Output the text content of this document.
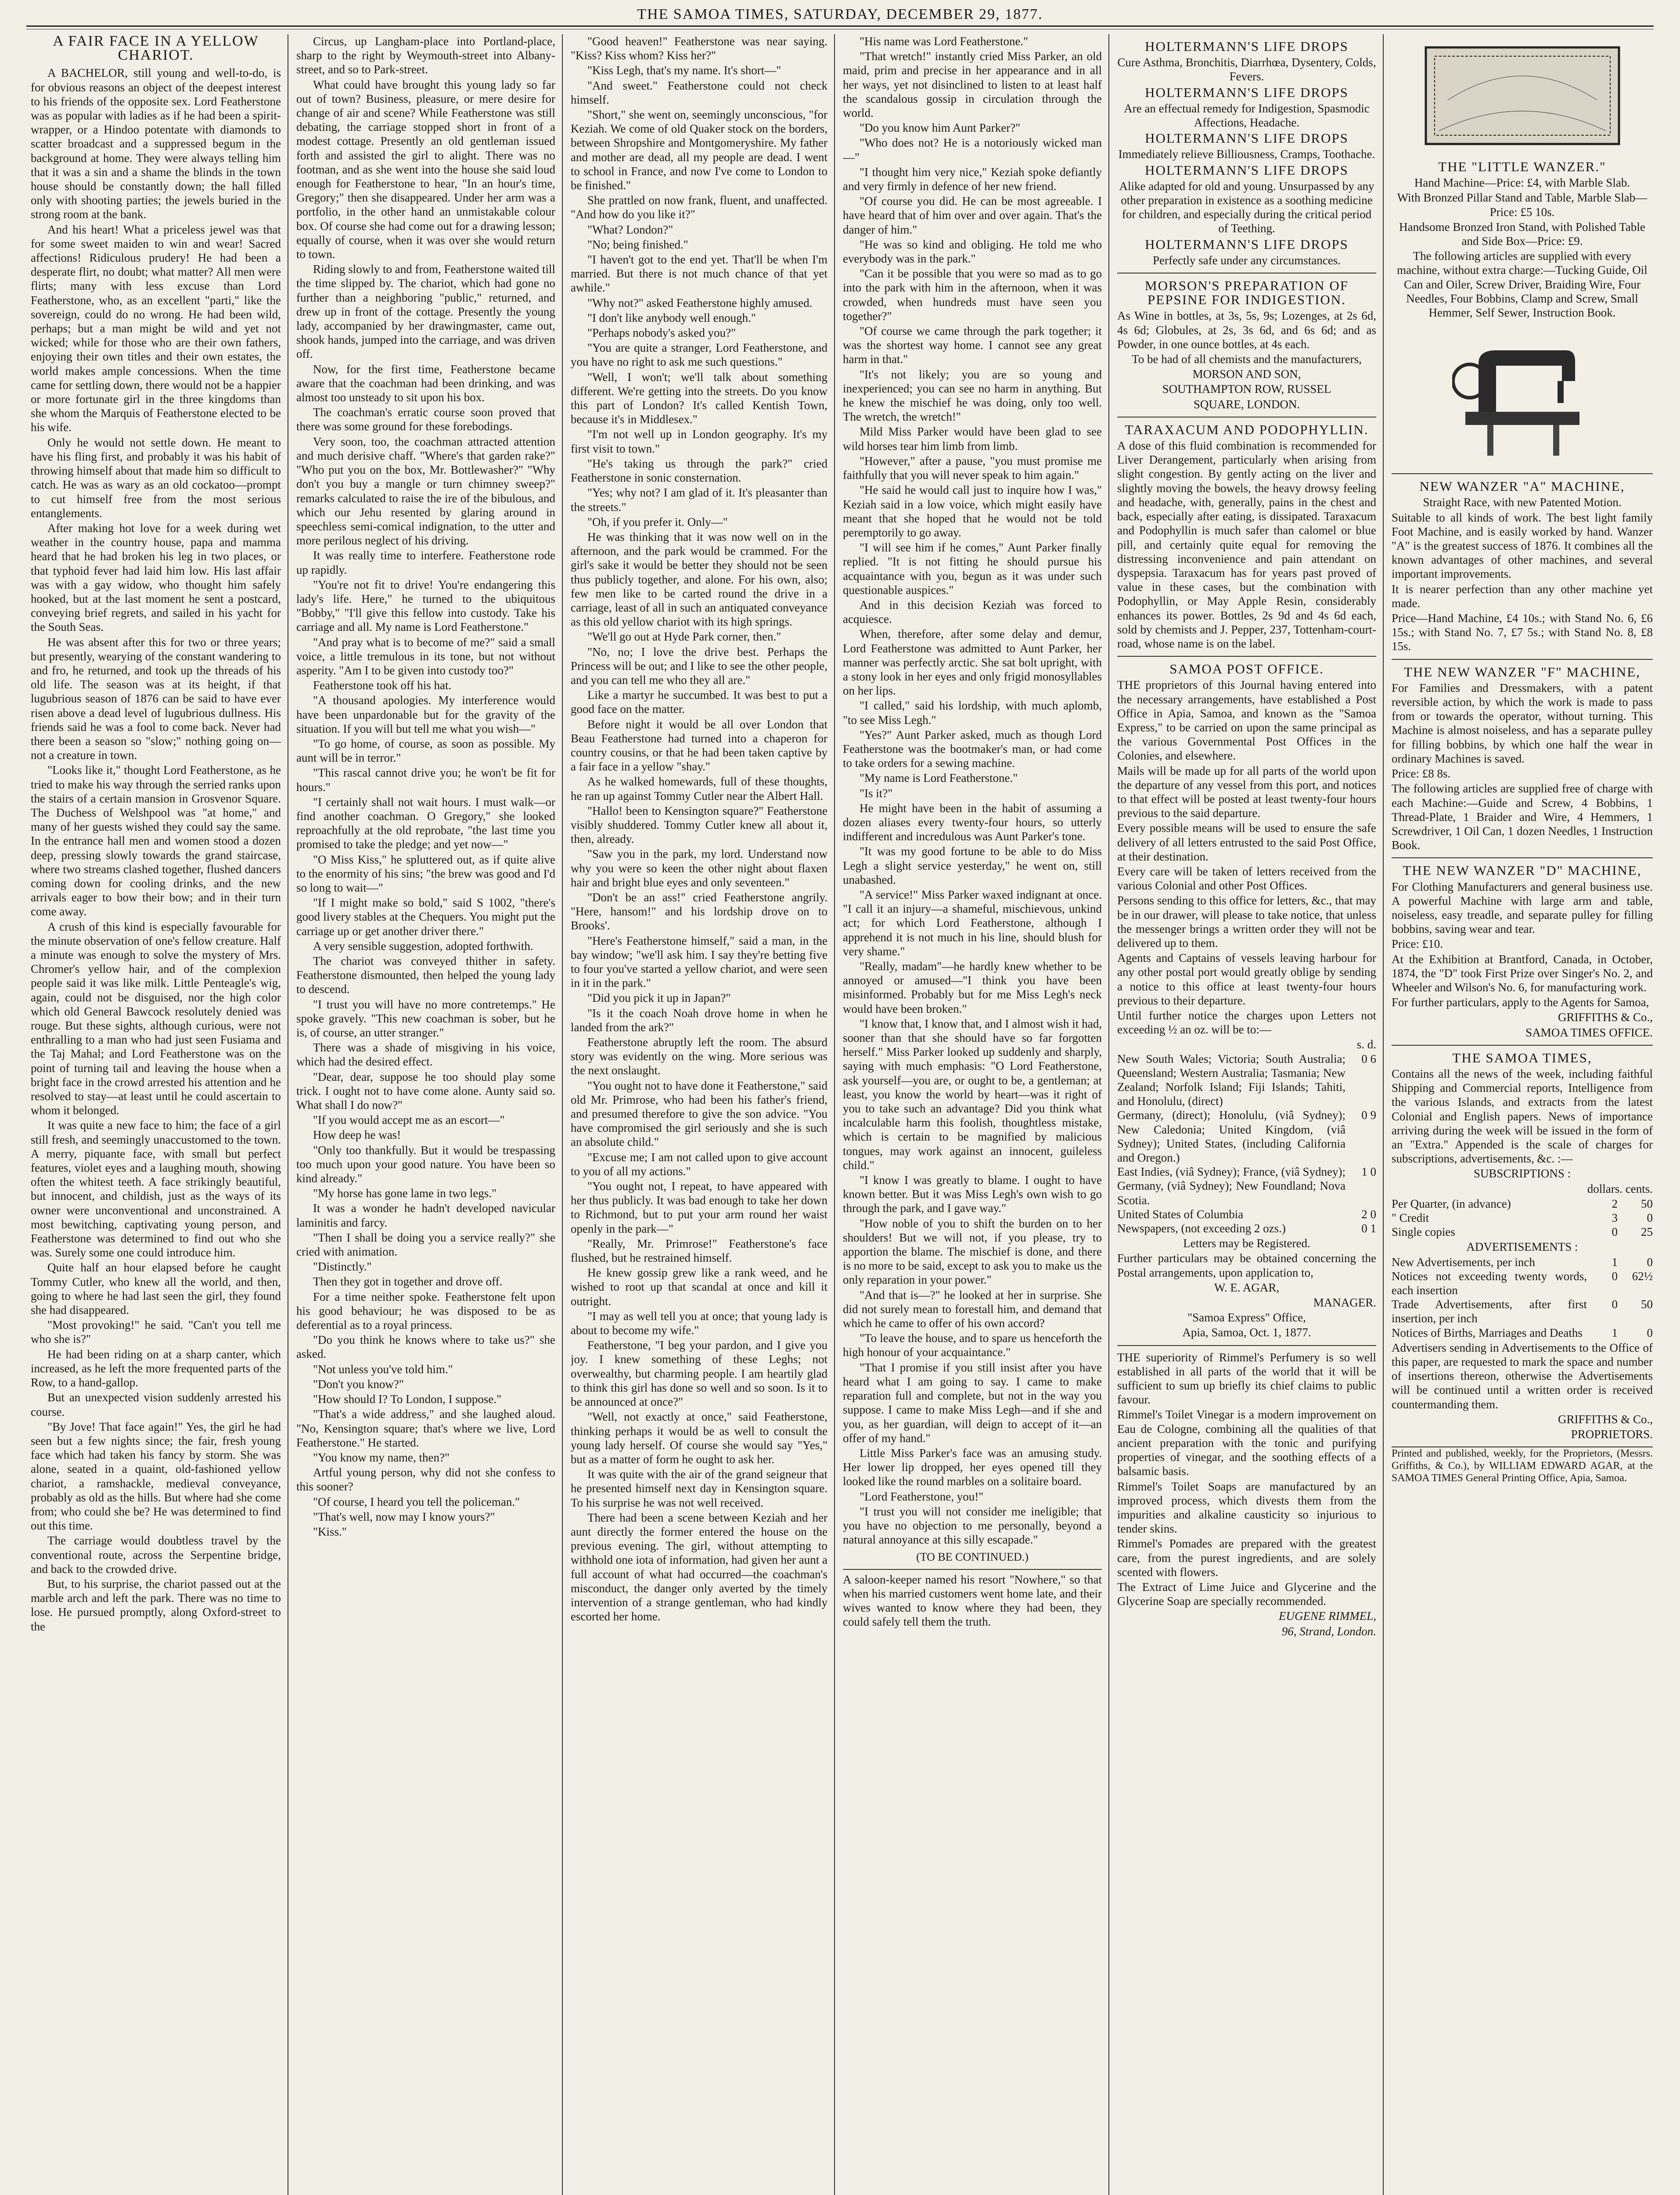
THE SAMOA TIMES, SATURDAY, DECEMBER 29, 1877.
A FAIR FACE IN A YELLOW CHARIOT.

A BACHELOR, still young and well-to-do, is for obvious reasons an object of the deepest interest to his friends of the opposite sex. Lord Featherstone was as popular with ladies as if he had been a spirit-wrapper, or a Hindoo potentate with diamonds to scatter broadcast and a suppressed begum in the background at home. They were always telling him that it was a sin and a shame the blinds in the town house should be constantly down; the hall filled only with shooting parties; the jewels buried in the strong room at the bank.

And his heart! What a priceless jewel was that for some sweet maiden to win and wear! Sacred affections! Ridiculous prudery! He had been a desperate flirt, no doubt; what matter? All men were flirts; many with less excuse than Lord Featherstone, who, as an excellent "parti," like the sovereign, could do no wrong. He had been wild, perhaps; but a man might be wild and yet not wicked; while for those who are their own fathers, enjoying their own titles and their own estates, the world makes ample concessions. When the time came for settling down, there would not be a happier or more fortunate girl in the three kingdoms than she whom the Marquis of Featherstone elected to be his wife.

Only he would not settle down. He meant to have his fling first, and probably it was his habit of throwing himself about that made him so difficult to catch. He was as wary as an old cockatoo—prompt to cut himself free from the most serious entanglements.

After making hot love for a week during wet weather in the country house, papa and mamma heard that he had broken his leg in two places, or that typhoid fever had laid him low. His last affair was with a gay widow, who thought him safely hooked, but at the last moment he sent a postcard, conveying brief regrets, and sailed in his yacht for the South Seas.

He was absent after this for two or three years; but presently, wearying of the constant wandering to and fro, he returned, and took up the threads of his old life. The season was at its height, if that lugubrious season of 1876 can be said to have ever risen above a dead level of lugubrious dullness. His friends said he was a fool to come back. Never had there been a season so "slow;" nothing going on—not a creature in town.

"Looks like it," thought Lord Featherstone, as he tried to make his way through the serried ranks upon the stairs of a certain mansion in Grosvenor Square. The Duchess of Welshpool was "at home," and many of her guests wished they could say the same. In the entrance hall men and women stood a dozen deep, pressing slowly towards the grand staircase, where two streams clashed together, flushed dancers coming down for cooling drinks, and the new arrivals eager to bow their bow; and in their turn come away.

A crush of this kind is especially favourable for the minute observation of one's fellow creature. Half a minute was enough to solve the mystery of Mrs. Chromer's yellow hair, and of the complexion people said it was like milk. Little Penteagle's wig, again, could not be disguised, nor the high color which old General Bawcock resolutely denied was rouge. But these sights, although curious, were not enthralling to a man who had just seen Fusiama and the Taj Mahal; and Lord Featherstone was on the point of turning tail and leaving the house when a bright face in the crowd arrested his attention and he resolved to stay—at least until he could ascertain to whom it belonged.

It was quite a new face to him; the face of a girl still fresh, and seemingly unaccustomed to the town. A merry, piquante face, with small but perfect features, violet eyes and a laughing mouth, showing often the whitest teeth. A face strikingly beautiful, but innocent, and childish, just as the ways of its owner were unconventional and unconstrained. A most bewitching, captivating young person, and Featherstone was determined to find out who she was. Surely some one could introduce him.

Quite half an hour elapsed before he caught Tommy Cutler, who knew all the world, and then, going to where he had last seen the girl, they found she had disappeared.

"Most provoking!" he said. "Can't you tell me who she is?"

He had been riding on at a sharp canter, which increased, as he left the more frequented parts of the Row, to a hand-gallop.

But an unexpected vision suddenly arrested his course.

"By Jove! That face again!" Yes, the girl he had seen but a few nights since; the fair, fresh young face which had taken his fancy by storm. She was alone, seated in a quaint, old-fashioned yellow chariot, a ramshackle, medieval conveyance, probably as old as the hills. But where had she come from; who could she be? He was determined to find out this time.

The carriage would doubtless travel by the conventional route, across the Serpentine bridge, and back to the crowded drive.

But, to his surprise, the chariot passed out at the marble arch and left the park. There was no time to lose. He pursued promptly, along Oxford-street to the

Circus, up Langham-place into Portland-place, sharp to the right by Weymouth-street into Albany-street, and so to Park-street.

What could have brought this young lady so far out of town? Business, pleasure, or mere desire for change of air and scene? While Featherstone was still debating, the carriage stopped short in front of a modest cottage. Presently an old gentleman issued forth and assisted the girl to alight. There was no footman, and as she went into the house she said loud enough for Featherstone to hear, "In an hour's time, Gregory;" then she disappeared. Under her arm was a portfolio, in the other hand an unmistakable colour box. Of course she had come out for a drawing lesson; equally of course, when it was over she would return to town.

Riding slowly to and from, Featherstone waited till the time slipped by. The chariot, which had gone no further than a neighboring "public," returned, and drew up in front of the cottage. Presently the young lady, accompanied by her drawingmaster, came out, shook hands, jumped into the carriage, and was driven off.

Now, for the first time, Featherstone became aware that the coachman had been drinking, and was almost too unsteady to sit upon his box.

The coachman's erratic course soon proved that there was some ground for these forebodings.

Very soon, too, the coachman attracted attention and much derisive chaff. "Where's that garden rake?" "Who put you on the box, Mr. Bottlewasher?" "Why don't you buy a mangle or turn chimney sweep?" remarks calculated to raise the ire of the bibulous, and which our Jehu resented by glaring around in speechless semi-comical indignation, to the utter and more perilous neglect of his driving.

It was really time to interfere. Featherstone rode up rapidly.

"You're not fit to drive! You're endangering this lady's life. Here," he turned to the ubiquitous "Bobby," "I'll give this fellow into custody. Take his carriage and all. My name is Lord Featherstone."

"And pray what is to become of me?" said a small voice, a little tremulous in its tone, but not without asperity. "Am I to be given into custody too?"

Featherstone took off his hat.

"A thousand apologies. My interference would have been unpardonable but for the gravity of the situation. If you will but tell me what you wish—"

"To go home, of course, as soon as possible. My aunt will be in terror."

"This rascal cannot drive you; he won't be fit for hours."

"I certainly shall not wait hours. I must walk—or find another coachman. O Gregory," she looked reproachfully at the old reprobate, "the last time you promised to take the pledge; and yet now—"

"O Miss Kiss," he spluttered out, as if quite alive to the enormity of his sins; "the brew was good and I'd so long to wait—"

"If I might make so bold," said S 1002, "there's good livery stables at the Chequers. You might put the carriage up or get another driver there."

A very sensible suggestion, adopted forthwith.

The chariot was conveyed thither in safety. Featherstone dismounted, then helped the young lady to descend.

"I trust you will have no more contretemps." He spoke gravely. "This new coachman is sober, but he is, of course, an utter stranger."

There was a shade of misgiving in his voice, which had the desired effect.

"Dear, dear, suppose he too should play some trick. I ought not to have come alone. Aunty said so. What shall I do now?"

"If you would accept me as an escort—"

How deep he was!

"Only too thankfully. But it would be trespassing too much upon your good nature. You have been so kind already."

"My horse has gone lame in two legs."

It was a wonder he hadn't developed navicular laminitis and farcy.

"Then I shall be doing you a service really?" she cried with animation.

"Distinctly."

Then they got in together and drove off.

For a time neither spoke. Featherstone felt upon his good behaviour; he was disposed to be as deferential as to a royal princess.

"Do you think he knows where to take us?" she asked.

"Not unless you've told him."

"Don't you know?"

"How should I? To London, I suppose."

"That's a wide address," and she laughed aloud. "No, Kensington square; that's where we live, Lord Featherstone." He started.

"You know my name, then?"

Artful young person, why did not she confess to this sooner?

"Of course, I heard you tell the policeman."

"That's well, now may I know yours?"

"Kiss."

"Good heaven!" Featherstone was near saying. "Kiss? Kiss whom? Kiss her?"

"Kiss Legh, that's my name. It's short—"

"And sweet." Featherstone could not check himself.

"Short," she went on, seemingly unconscious, "for Keziah. We come of old Quaker stock on the borders, between Shropshire and Montgomeryshire. My father and mother are dead, all my people are dead. I went to school in France, and now I've come to London to be finished."

She prattled on now frank, fluent, and unaffected. "And how do you like it?"

"What? London?"

"No; being finished."

"I haven't got to the end yet. That'll be when I'm married. But there is not much chance of that yet awhile."

"Why not?" asked Featherstone highly amused.

"I don't like anybody well enough."

"Perhaps nobody's asked you?"

"You are quite a stranger, Lord Featherstone, and you have no right to ask me such questions."

"Well, I won't; we'll talk about something different. We're getting into the streets. Do you know this part of London? It's called Kentish Town, because it's in Middlesex."

"I'm not well up in London geography. It's my first visit to town."

"He's taking us through the park?" cried Featherstone in sonic consternation.

"Yes; why not? I am glad of it. It's pleasanter than the streets."

"Oh, if you prefer it. Only—"

He was thinking that it was now well on in the afternoon, and the park would be crammed. For the girl's sake it would be better they should not be seen thus publicly together, and alone. For his own, also; few men like to be carted round the drive in a carriage, least of all in such an antiquated conveyance as this old yellow chariot with its high springs.

"We'll go out at Hyde Park corner, then."

"No, no; I love the drive best. Perhaps the Princess will be out; and I like to see the other people, and you can tell me who they all are."

Like a martyr he succumbed. It was best to put a good face on the matter.

Before night it would be all over London that Beau Featherstone had turned into a chaperon for country cousins, or that he had been taken captive by a fair face in a yellow "shay."

As he walked homewards, full of these thoughts, he ran up against Tommy Cutler near the Albert Hall.

"Hallo! been to Kensington square?" Featherstone visibly shuddered. Tommy Cutler knew all about it, then, already.

"Saw you in the park, my lord. Understand now why you were so keen the other night about flaxen hair and bright blue eyes and only seventeen."

"Don't be an ass!" cried Featherstone angrily. "Here, hansom!" and his lordship drove on to Brooks'.

"Here's Featherstone himself," said a man, in the bay window; "we'll ask him. I say they're betting five to four you've started a yellow chariot, and were seen in it in the park."

"Did you pick it up in Japan?"

"Is it the coach Noah drove home in when he landed from the ark?"

Featherstone abruptly left the room. The absurd story was evidently on the wing. More serious was the next onslaught.

"You ought not to have done it Featherstone," said old Mr. Primrose, who had been his father's friend, and presumed therefore to give the son advice. "You have compromised the girl seriously and she is such an absolute child."

"Excuse me; I am not called upon to give account to you of all my actions."

"You ought not, I repeat, to have appeared with her thus publicly. It was bad enough to take her down to Richmond, but to put your arm round her waist openly in the park—"

"Really, Mr. Primrose!" Featherstone's face flushed, but he restrained himself.

He knew gossip grew like a rank weed, and he wished to root up that scandal at once and kill it outright.

"I may as well tell you at once; that young lady is about to become my wife."

Featherstone, "I beg your pardon, and I give you joy. I knew something of these Leghs; not overwealthy, but charming people. I am heartily glad to think this girl has done so well and so soon. Is it to be announced at once?"

"Well, not exactly at once," said Featherstone, thinking perhaps it would be as well to consult the young lady herself. Of course she would say "Yes," but as a matter of form he ought to ask her.

It was quite with the air of the grand seigneur that he presented himself next day in Kensington square. To his surprise he was not well received.

There had been a scene between Keziah and her aunt directly the former entered the house on the previous evening. The girl, without attempting to withhold one iota of information, had given her aunt a full account of what had occurred—the coachman's misconduct, the danger only averted by the timely intervention of a strange gentleman, who had kindly escorted her home.

"His name was Lord Featherstone."

"That wretch!" instantly cried Miss Parker, an old maid, prim and precise in her appearance and in all her ways, yet not disinclined to listen to at least half the scandalous gossip in circulation through the world.

"Do you know him Aunt Parker?"

"Who does not? He is a notoriously wicked man—"

"I thought him very nice," Keziah spoke defiantly and very firmly in defence of her new friend.

"Of course you did. He can be most agreeable. I have heard that of him over and over again. That's the danger of him."

"He was so kind and obliging. He told me who everybody was in the park."

"Can it be possible that you were so mad as to go into the park with him in the afternoon, when it was crowded, when hundreds must have seen you together?"

"Of course we came through the park together; it was the shortest way home. I cannot see any great harm in that."

"It's not likely; you are so young and inexperienced; you can see no harm in anything. But he knew the mischief he was doing, only too well. The wretch, the wretch!"

Mild Miss Parker would have been glad to see wild horses tear him limb from limb.

"However," after a pause, "you must promise me faithfully that you will never speak to him again."

"He said he would call just to inquire how I was," Keziah said in a low voice, which might easily have meant that she hoped that he would not be told peremptorily to go away.

"I will see him if he comes," Aunt Parker finally replied. "It is not fitting he should pursue his acquaintance with you, begun as it was under such questionable auspices."

And in this decision Keziah was forced to acquiesce.

When, therefore, after some delay and demur, Lord Featherstone was admitted to Aunt Parker, her manner was perfectly arctic. She sat bolt upright, with a stony look in her eyes and only frigid monosyllables on her lips.

"I called," said his lordship, with much aplomb, "to see Miss Legh."

"Yes?" Aunt Parker asked, much as though Lord Featherstone was the bootmaker's man, or had come to take orders for a sewing machine.

"My name is Lord Featherstone."

"Is it?"

He might have been in the habit of assuming a dozen aliases every twenty-four hours, so utterly indifferent and incredulous was Aunt Parker's tone.

"It was my good fortune to be able to do Miss Legh a slight service yesterday," he went on, still unabashed.

"A service!" Miss Parker waxed indignant at once. "I call it an injury—a shameful, mischievous, unkind act; for which Lord Featherstone, although I apprehend it is not much in his line, should blush for very shame."

"Really, madam"—he hardly knew whether to be annoyed or amused—"I think you have been misinformed. Probably but for me Miss Legh's neck would have been broken."

"I know that, I know that, and I almost wish it had, sooner than that she should have so far forgotten herself." Miss Parker looked up suddenly and sharply, saying with much emphasis: "O Lord Featherstone, ask yourself—you are, or ought to be, a gentleman; at least, you know the world by heart—was it right of you to take such an advantage? Did you think what incalculable harm this foolish, thoughtless mistake, which is certain to be magnified by malicious tongues, may work against an innocent, guileless child."

"I know I was greatly to blame. I ought to have known better. But it was Miss Legh's own wish to go through the park, and I gave way."

"How noble of you to shift the burden on to her shoulders! But we will not, if you please, try to apportion the blame. The mischief is done, and there is no more to be said, except to ask you to make us the only reparation in your power."

"And that is—?" he looked at her in surprise. She did not surely mean to forestall him, and demand that which he came to offer of his own accord?

"To leave the house, and to spare us henceforth the high honour of your acquaintance."

"That I promise if you still insist after you have heard what I am going to say. I came to make reparation full and complete, but not in the way you suppose. I came to make Miss Legh—and if she and you, as her guardian, will deign to accept of it—an offer of my hand."

Little Miss Parker's face was an amusing study. Her lower lip dropped, her eyes opened till they looked like the round marbles on a solitaire board.

"Lord Featherstone, you!"

"I trust you will not consider me ineligible; that you have no objection to me personally, beyond a natural annoyance at this silly escapade."

(TO BE CONTINUED.)

A saloon-keeper named his resort "Nowhere," so that when his married customers went home late, and their wives wanted to know where they had been, they could safely tell them the truth.

HOLTERMANN'S LIFE DROPS

Cure Asthma, Bronchitis, Diarrhœa, Dysentery, Colds, Fevers.

HOLTERMANN'S LIFE DROPS

Are an effectual remedy for Indigestion, Spasmodic Affections, Headache.

HOLTERMANN'S LIFE DROPS

Immediately relieve Billiousness, Cramps, Toothache.

HOLTERMANN'S LIFE DROPS

Alike adapted for old and young. Unsurpassed by any other preparation in existence as a soothing medicine for children, and especially during the critical period of Teething.

HOLTERMANN'S LIFE DROPS

Perfectly safe under any circumstances.

MORSON'S PREPARATION OF PEPSINE FOR INDIGESTION.

As Wine in bottles, at 3s, 5s, 9s; Lozenges, at 2s 6d, 4s 6d; Globules, at 2s, 3s 6d, and 6s 6d; and as Powder, in one ounce bottles, at 4s each.

To be had of all chemists and the manufacturers,

MORSON AND SON,

SOUTHAMPTON ROW, RUSSEL

SQUARE, LONDON.

TARAXACUM AND PODOPHYLLIN.

A dose of this fluid combination is recommended for Liver Derangement, particularly when arising from slight congestion. By gently acting on the liver and slightly moving the bowels, the heavy drowsy feeling and headache, with, generally, pains in the chest and back, especially after eating, is dissipated. Taraxacum and Podophyllin is much safer than calomel or blue pill, and certainly quite equal for removing the distressing inconvenience and pain attendant on dyspepsia. Taraxacum has for years past proved of value in these cases, but the combination with Podophyllin, or May Apple Resin, considerably enhances its power. Bottles, 2s 9d and 4s 6d each, sold by chemists and J. Pepper, 237, Tottenham-court-road, whose name is on the label.

SAMOA POST OFFICE.

THE proprietors of this Journal having entered into the necessary arrangements, have established a Post Office in Apia, Samoa, and known as the "Samoa Express," to be carried on upon the same principal as the various Governmental Post Offices in the Colonies, and elsewhere.

Mails will be made up for all parts of the world upon the departure of any vessel from this port, and notices to that effect will be posted at least twenty-four hours previous to the said departure.

Every possible means will be used to ensure the safe delivery of all letters entrusted to the said Post Office, at their destination.

Every care will be taken of letters received from the various Colonial and other Post Offices.

Persons sending to this office for letters, &c., that may be in our drawer, will please to take notice, that unless the messenger brings a written order they will not be delivered up to them.

Agents and Captains of vessels leaving harbour for any other postal port would greatly oblige by sending a notice to this office at least twenty-four hours previous to their departure.

Until further notice the charges upon Letters not exceeding ½ an oz. will be to:—

s. d.
New South Wales; Victoria; South Australia; Queensland; Western Australia; Tasmania; New Zealand; Norfolk Island; Fiji Islands; Tahiti, and Honolulu, (direct)
0 6
Germany, (direct); Honolulu, (viâ Sydney); New Caledonia; United Kingdom, (viâ Sydney); United States, (including California and Oregon.)
0 9
East Indies, (viâ Sydney); France, (viâ Sydney); Germany, (viâ Sydney); New Foundland; Nova Scotia.
1 0
United States of Columbia	2 0
Newspapers, (not exceeding 2 ozs.)	0 1

Letters may be Registered.

Further particulars may be obtained concerning the Postal arrangements, upon application to,

W. E. AGAR,

MANAGER.

"Samoa Express" Office,

Apia, Samoa, Oct. 1, 1877.

THE superiority of Rimmel's Perfumery is so well established in all parts of the world that it will be sufficient to sum up briefly its chief claims to public favour.

Rimmel's Toilet Vinegar is a modern improvement on Eau de Cologne, combining all the qualities of that ancient preparation with the tonic and purifying properties of vinegar, and the soothing effects of a balsamic basis.

Rimmel's Toilet Soaps are manufactured by an improved process, which divests them from the impurities and alkaline causticity so injurious to tender skins.

Rimmel's Pomades are prepared with the greatest care, from the purest ingredients, and are solely scented with flowers.

The Extract of Lime Juice and Glycerine and the Glycerine Soap are specially recommended.

EUGENE RIMMEL,

96, Strand, London.

THE "LITTLE WANZER."

Hand Machine—Price: £4, with Marble Slab.

With Bronzed Pillar Stand and Table, Marble Slab—Price: £5 10s.

Handsome Bronzed Iron Stand, with Polished Table and Side Box—Price: £9.

The following articles are supplied with every machine, without extra charge:—Tucking Guide, Oil Can and Oiler, Screw Driver, Braiding Wire, Four Needles, Four Bobbins, Clamp and Screw, Small Hemmer, Self Sewer, Instruction Book.

NEW WANZER "A" MACHINE,

Straight Race, with new Patented Motion.

Suitable to all kinds of work. The best light family Foot Machine, and is easily worked by hand. Wanzer "A" is the greatest success of 1876. It combines all the known advantages of other machines, and several important improvements.

It is nearer perfection than any other machine yet made.

Price—Hand Machine, £4 10s.; with Stand No. 6, £6 15s.; with Stand No. 7, £7 5s.; with Stand No. 8, £8 15s.

THE NEW WANZER "F" MACHINE,

For Families and Dressmakers, with a patent reversible action, by which the work is made to pass from or towards the operator, without turning. This Machine is almost noiseless, and has a separate pulley for filling bobbins, by which one half the wear in ordinary Machines is saved.

Price: £8 8s.

The following articles are supplied free of charge with each Machine:—Guide and Screw, 4 Bobbins, 1 Thread-Plate, 1 Braider and Wire, 4 Hemmers, 1 Screwdriver, 1 Oil Can, 1 dozen Needles, 1 Instruction Book.

THE NEW WANZER "D" MACHINE,

For Clothing Manufacturers and general business use. A powerful Machine with large arm and table, noiseless, easy treadle, and separate pulley for filling bobbins, saving wear and tear.

Price: £10.

At the Exhibition at Brantford, Canada, in October, 1874, the "D" took First Prize over Singer's No. 2, and Wheeler and Wilson's No. 6, for manufacturing work.

For further particulars, apply to the Agents for Samoa,

GRIFFITHS & Co.,

SAMOA TIMES OFFICE.

THE SAMOA TIMES,

Contains all the news of the week, including faithful Shipping and Commercial reports, Intelligence from the various Islands, and extracts from the latest Colonial and English papers. News of importance arriving during the week will be issued in the form of an "Extra." Appended is the scale of charges for subscriptions, advertisements, &c. :—

SUBSCRIPTIONS :

dollars. cents.

Per Quarter, (in advance)	2	50
" Credit	3	0
Single copies	0	25

ADVERTISEMENTS :

New Advertisements, per inch	1	0
Notices not exceeding twenty words, each insertion
0	62½
Trade Advertisements, after first insertion, per inch
0	50
Notices of Births, Marriages and Deaths	1	0

Advertisers sending in Advertisements to the Office of this paper, are requested to mark the space and number of insertions thereon, otherwise the Advertisements will be continued until a written order is received countermanding them.

GRIFFITHS & Co.,

PROPRIETORS.

Printed and published, weekly, for the Proprietors, (Messrs. Griffiths, & Co.), by WILLIAM EDWARD AGAR, at the SAMOA TIMES General Printing Office, Apia, Samoa.
